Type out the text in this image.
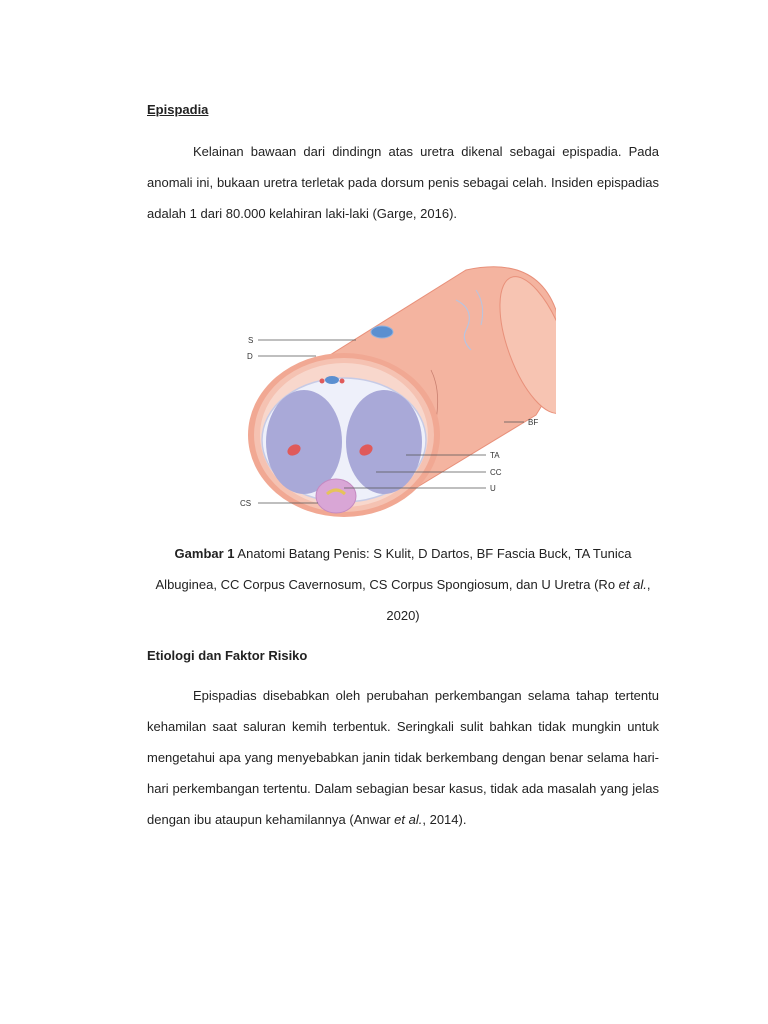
Epispadia

Kelainan bawaan dari dindingn atas uretra dikenal sebagai epispadia. Pada anomali ini, bukaan uretra terletak pada dorsum penis sebagai celah. Insiden epispadias adalah 1 dari 80.000 kelahiran laki-laki (Garge, 2016).

S
D
BF
TA
CC
U
CS

Gambar 1 Anatomi Batang Penis: S Kulit, D Dartos, BF Fascia Buck, TA Tunica Albuginea, CC Corpus Cavernosum, CS Corpus Spongiosum, dan U Uretra (Ro et al., 2020)

Etiologi dan Faktor Risiko

Epispadias disebabkan oleh perubahan perkembangan selama tahap tertentu kehamilan saat saluran kemih terbentuk. Seringkali sulit bahkan tidak mungkin untuk mengetahui apa yang menyebabkan janin tidak berkembang dengan benar selama hari-hari perkembangan tertentu. Dalam sebagian besar kasus, tidak ada masalah yang jelas dengan ibu ataupun kehamilannya (Anwar et al., 2014).
